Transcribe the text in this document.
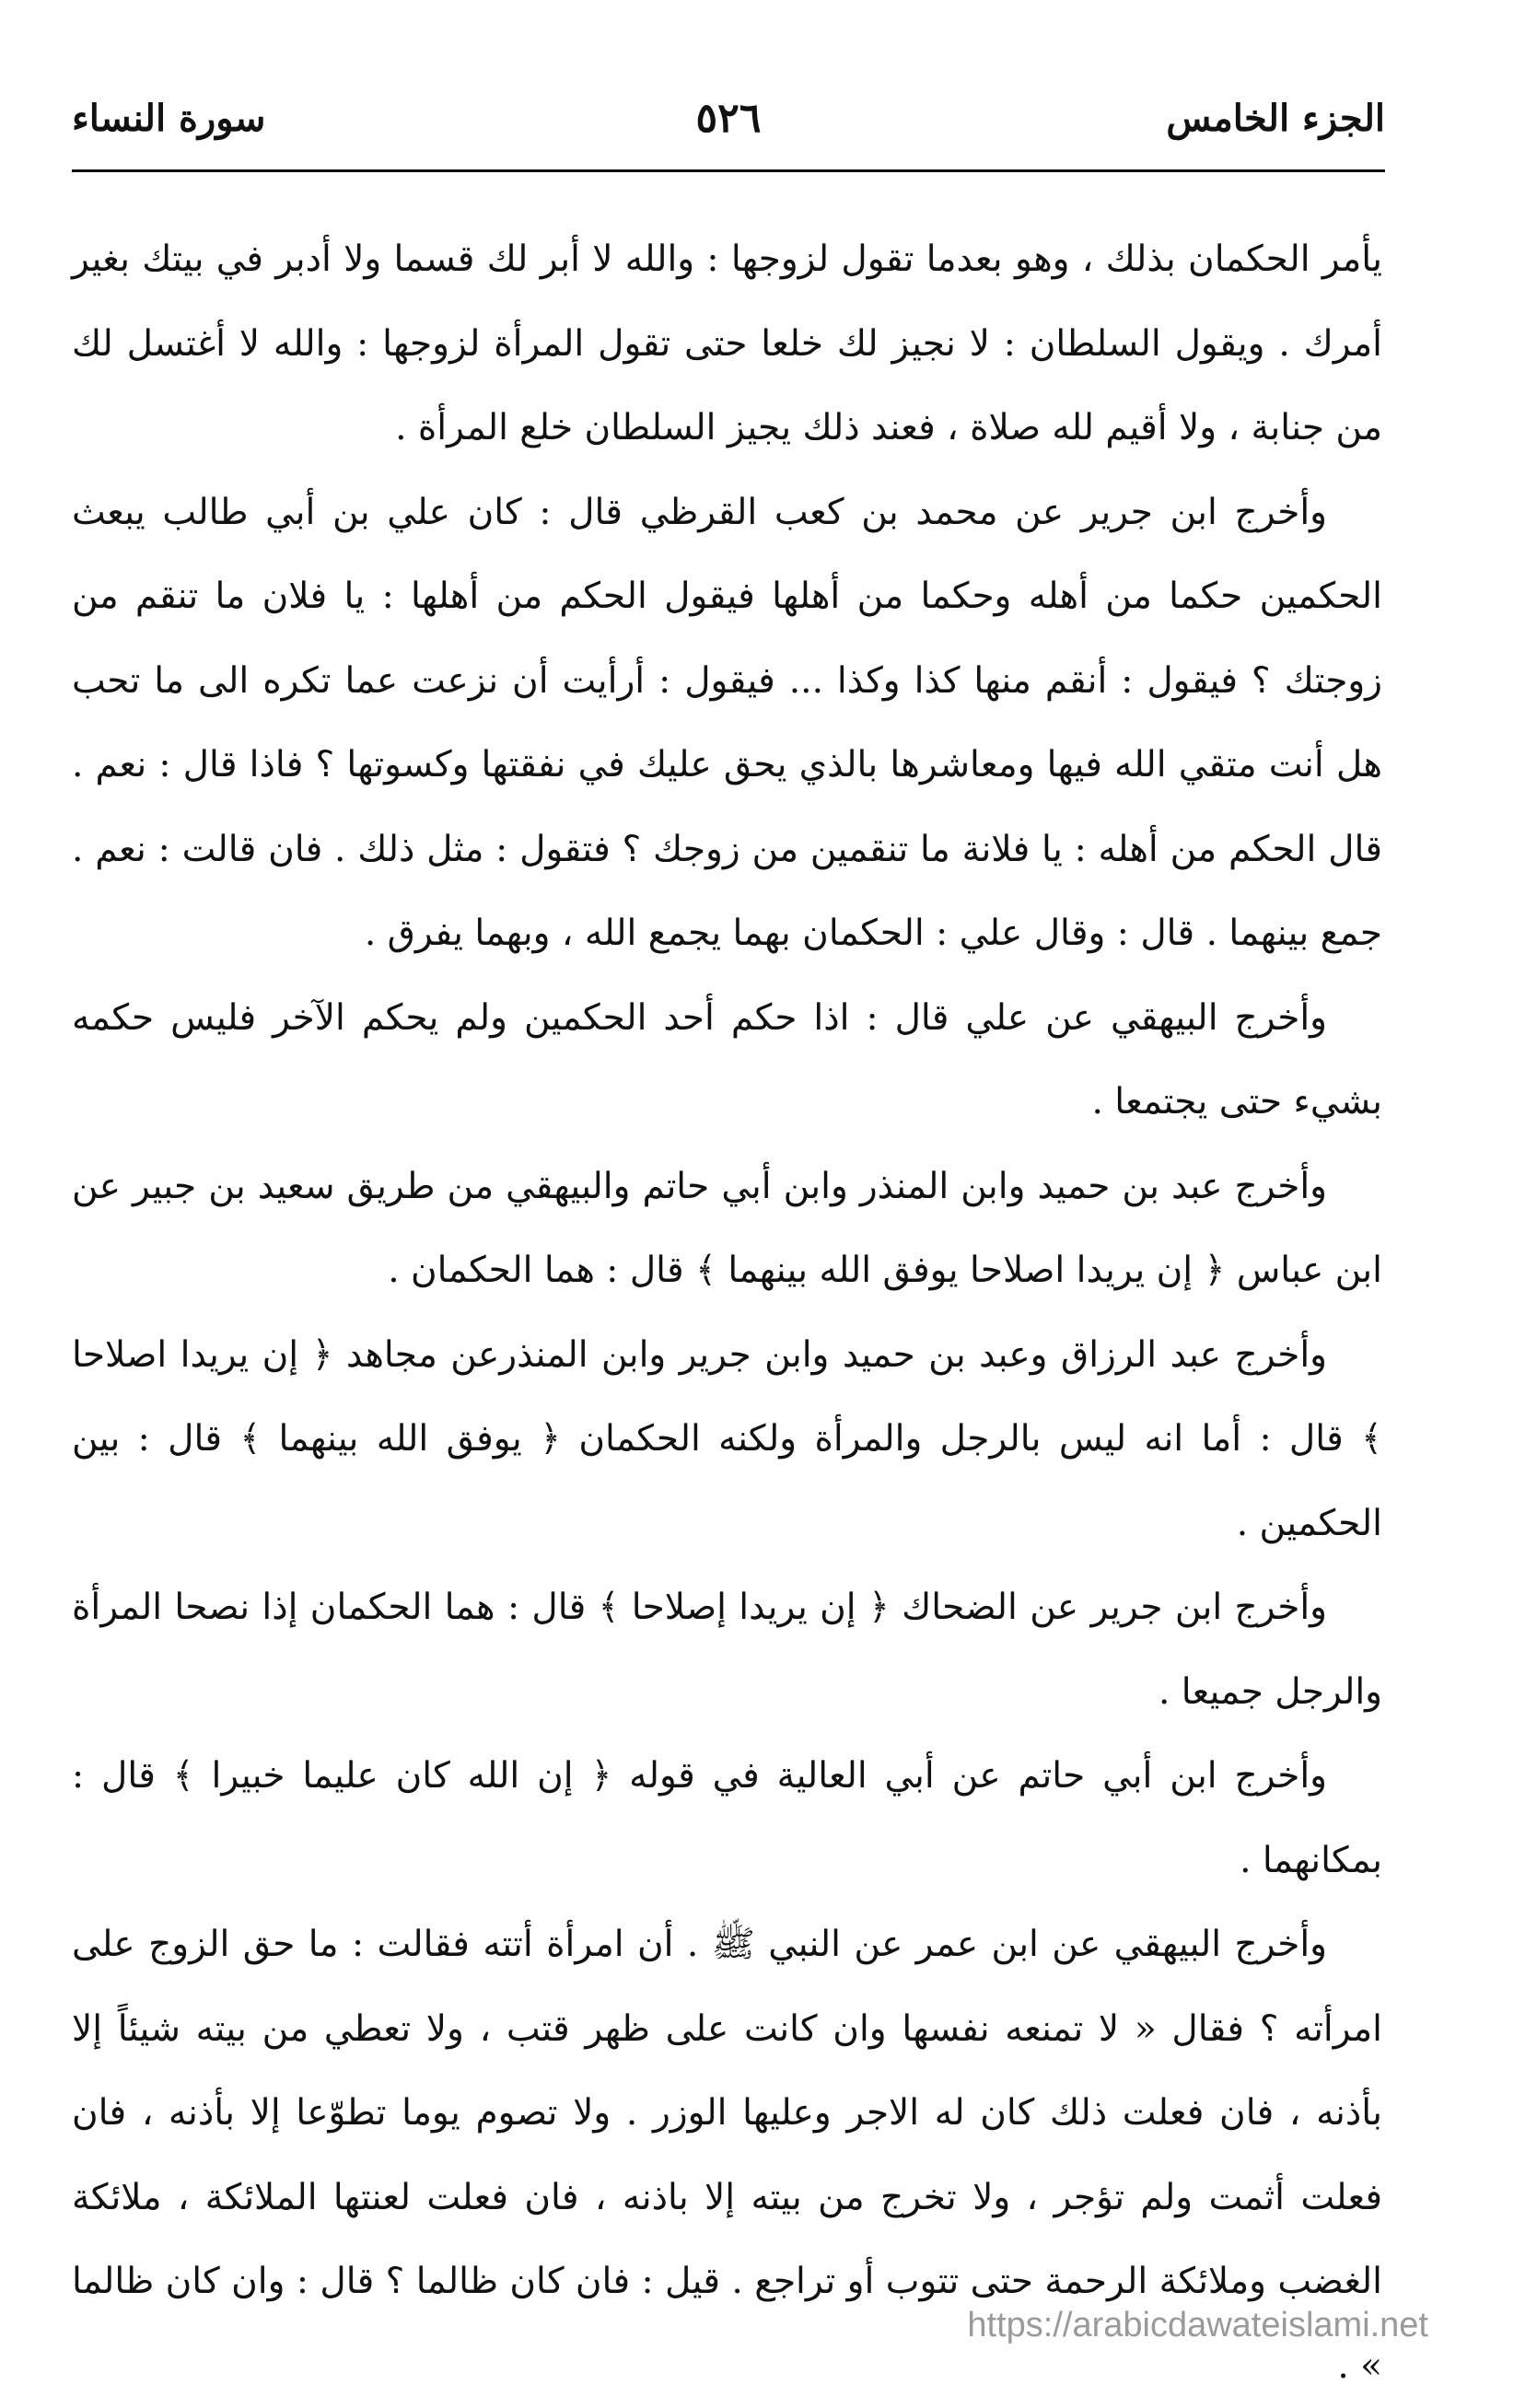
الجزء الخامس
٥٢٦
سورة النساء

يأمر الحكمان بذلك ، وهو بعدما تقول لزوجها : والله لا أبر لك قسما ولا أدبر في بيتك بغير أمرك . ويقول السلطان : لا نجيز لك خلعا حتى تقول المرأة لزوجها : والله لا أغتسل لك من جنابة ، ولا أقيم لله صلاة ، فعند ذلك يجيز السلطان خلع المرأة .

وأخرج ابن جرير عن محمد بن كعب القرظي قال : كان علي بن أبي طالب يبعث الحكمين حكما من أهله وحكما من أهلها فيقول الحكم من أهلها : يا فلان ما تنقم من زوجتك ؟ فيقول : أنقم منها كذا وكذا ... فيقول : أرأيت أن نزعت عما تكره الى ما تحب هل أنت متقي الله فيها ومعاشرها بالذي يحق عليك في نفقتها وكسوتها ؟ فاذا قال : نعم . قال الحكم من أهله : يا فلانة ما تنقمين من زوجك ؟ فتقول : مثل ذلك . فان قالت : نعم . جمع بينهما . قال : وقال علي : الحكمان بهما يجمع الله ، وبهما يفرق .

وأخرج البيهقي عن علي قال : اذا حكم أحد الحكمين ولم يحكم الآخر فليس حكمه بشيء حتى يجتمعا .

وأخرج عبد بن حميد وابن المنذر وابن أبي حاتم والبيهقي من طريق سعيد بن جبير عن ابن عباس ﴿ إن يريدا اصلاحا يوفق الله بينهما ﴾ قال : هما الحكمان .

وأخرج عبد الرزاق وعبد بن حميد وابن جرير وابن المنذرعن مجاهد ﴿ إن يريدا اصلاحا ﴾ قال : أما انه ليس بالرجل والمرأة ولكنه الحكمان ﴿ يوفق الله بينهما ﴾ قال : بين الحكمين .

وأخرج ابن جرير عن الضحاك ﴿ إن يريدا إصلاحا ﴾ قال : هما الحكمان إذا نصحا المرأة والرجل جميعا .

وأخرج ابن أبي حاتم عن أبي العالية في قوله ﴿ إن الله كان عليما خبيرا ﴾ قال : بمكانهما .

وأخرج البيهقي عن ابن عمر عن النبي ﷺ . أن امرأة أتته فقالت : ما حق الزوج على امرأته ؟ فقال « لا تمنعه نفسها وان كانت على ظهر قتب ، ولا تعطي من بيته شيئاً إلا بأذنه ، فان فعلت ذلك كان له الاجر وعليها الوزر . ولا تصوم يوما تطوّعا إلا بأذنه ، فان فعلت أثمت ولم تؤجر ، ولا تخرج من بيته إلا باذنه ، فان فعلت لعنتها الملائكة ، ملائكة الغضب وملائكة الرحمة حتى تتوب أو تراجع . قيل : فان كان ظالما ؟ قال : وان كان ظالما » .

https://arabicdawateislami.net
